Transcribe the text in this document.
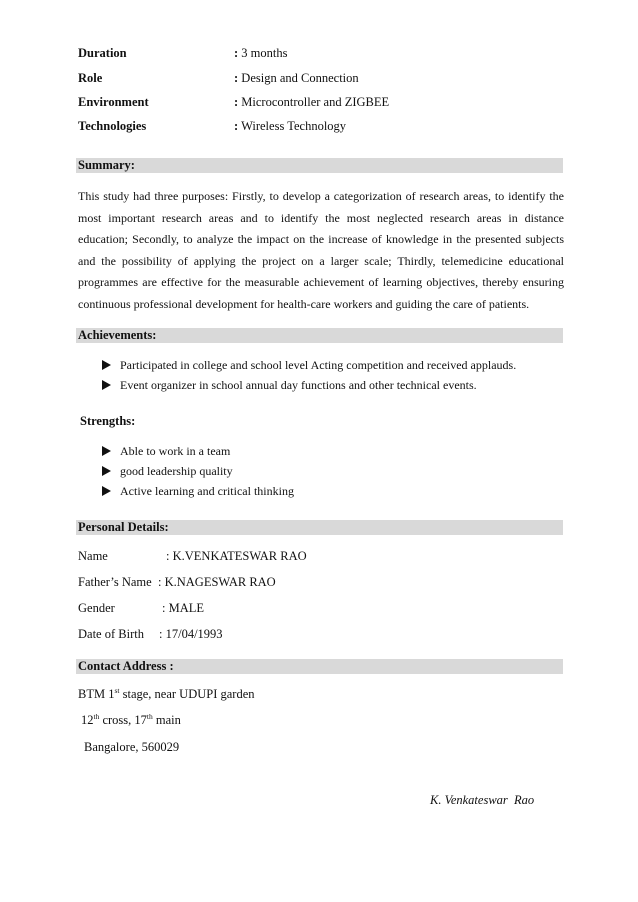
Duration	: 3 months
Role	: Design and Connection
Environment	: Microcontroller and ZIGBEE
Technologies	: Wireless Technology
Summary:

This study had three purposes: Firstly, to develop a categorization of research areas, to identify the most important research areas and to identify the most neglected research areas in distance education; Secondly, to analyze the impact on the increase of knowledge in the presented subjects and the possibility of applying the project on a larger scale; Thirdly, telemedicine educational programmes are effective for the measurable achievement of learning objectives, thereby ensuring continuous professional development for health-care workers and guiding the care of patients.

Achievements:
Participated in college and school level Acting competition and received applauds.
Event organizer in school annual day functions and other technical events.
Strengths:
Able to work in a team
good leadership quality
Active learning and critical thinking
Personal Details:
Name	: K.VENKATESWAR RAO
Father’s Name : K.NAGESWAR RAO
Gender	: MALE
Date of Birth : 17/04/1993
Contact Address :
BTM 1st stage, near UDUPI garden
12th cross, 17th main
Bangalore, 560029
K. Venkateswar  Rao
